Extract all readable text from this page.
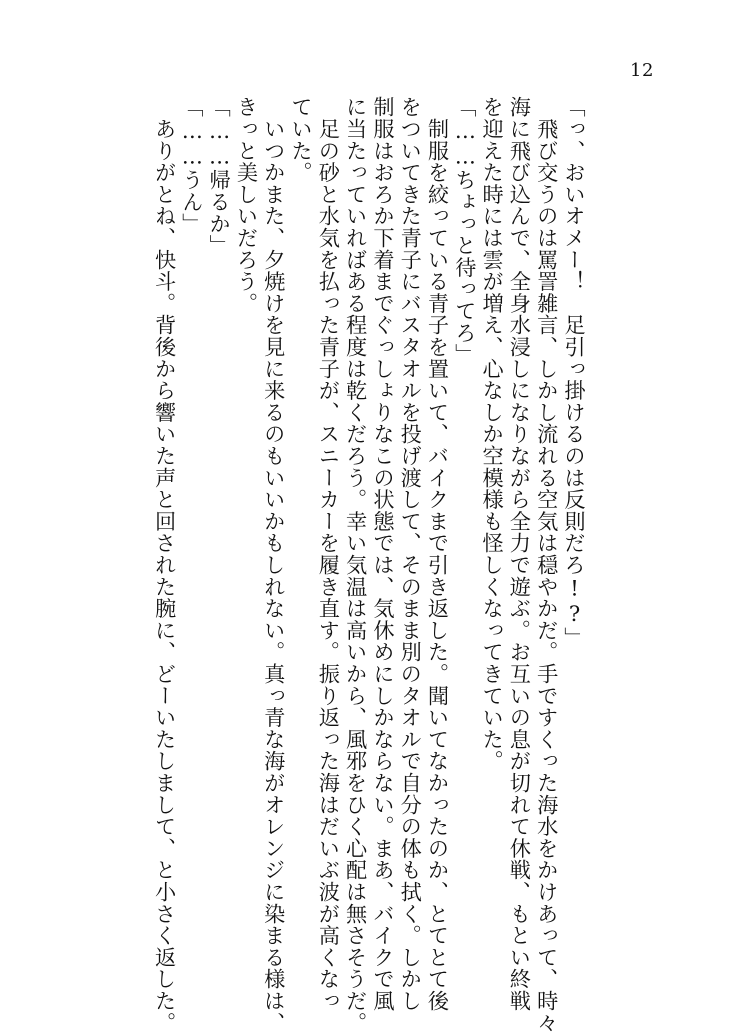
12
「っ、おいオメー！　足引っ掛けるのは反則だろ!?」
　飛び交うのは罵詈雑言、しかし流れる空気は穏やかだ。手ですくった海水をかけあって、時々
海に飛び込んで、全身水浸しになりながら全力で遊ぶ。お互いの息が切れて休戦、もとい終戦
を迎えた時には雲が増え、心なしか空模様も怪しくなってきていた。
「……ちょっと待ってろ」
　制服を絞っている青子を置いて、バイクまで引き返した。聞いてなかったのか、とてとて後
をついてきた青子にバスタオルを投げ渡して、そのまま別のタオルで自分の体も拭く。しかし
制服はおろか下着までぐっしょりなこの状態では、気休めにしかならない。まあ、バイクで風
に当たっていればある程度は乾くだろう。幸い気温は高いから、風邪をひく心配は無さそうだ。
　足の砂と水気を払った青子が、スニーカーを履き直す。振り返った海はだいぶ波が高くなっ
ていた。
　いつかまた、夕焼けを見に来るのもいいかもしれない。真っ青な海がオレンジに染まる様は、
きっと美しいだろう。
「……帰るか」
「……うん」
　ありがとね、快斗。背後から響いた声と回された腕に、どーいたしまして、と小さく返した。
